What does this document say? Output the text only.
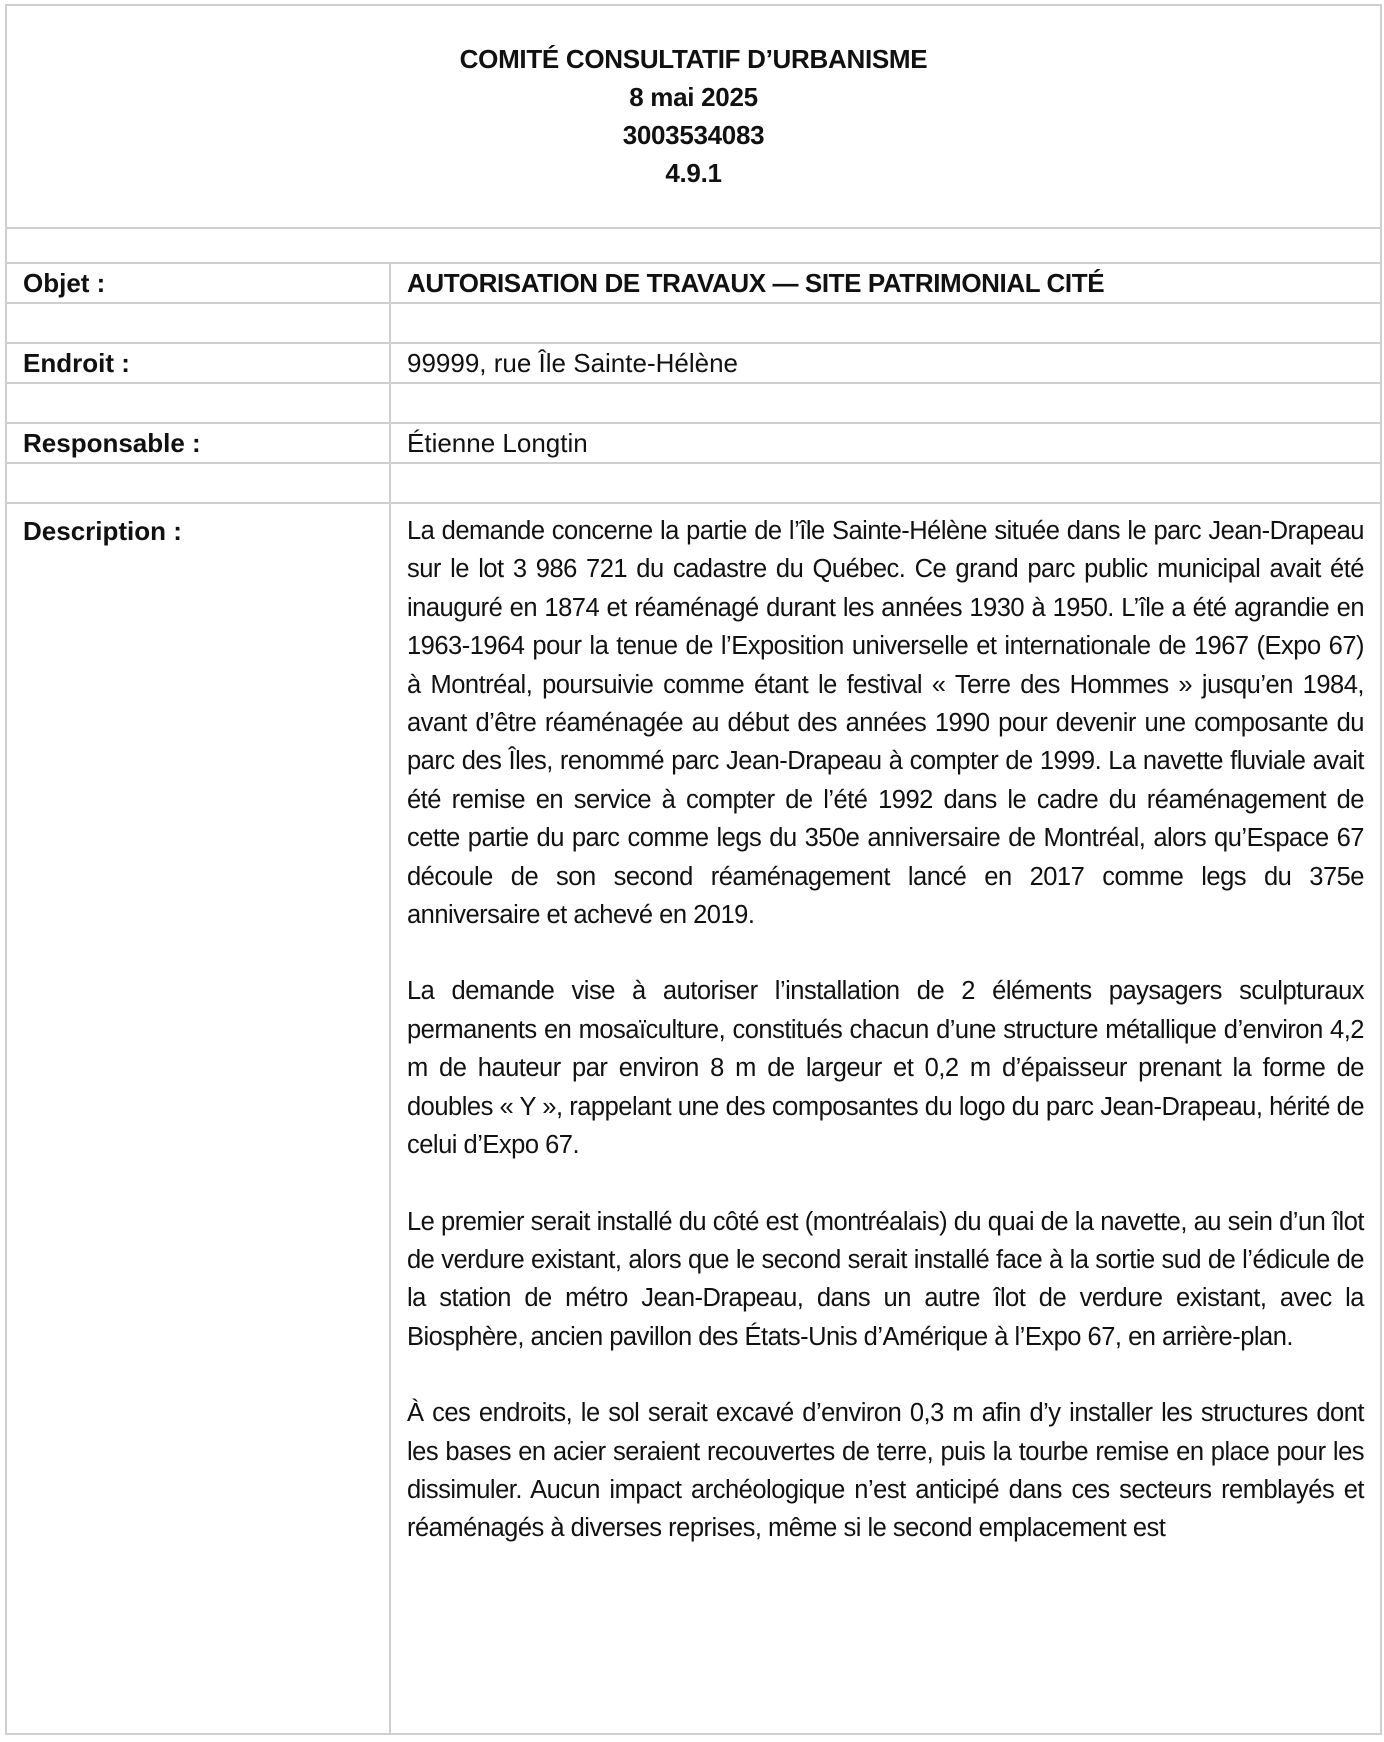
COMITÉ CONSULTATIF D’URBANISME
8 mai 2025
3003534083
4.9.1
Objet :	AUTORISATION DE TRAVAUX — SITE PATRIMONIAL CITÉ
Endroit :	99999, rue Île Sainte-Hélène
Responsable :	Étienne Longtin
Description :	La demande concerne la partie de l’île Sainte-Hélène située dans le parc Jean-Drapeau sur le lot 3 986 721 du cadastre du Québec. Ce grand parc public municipal avait été inauguré en 1874 et réaménagé durant les années 1930 à 1950. L’île a été agrandie en 1963-1964 pour la tenue de l’Exposition universelle et internationale de 1967 (Expo 67) à Montréal, poursuivie comme étant le festival « Terre des Hommes » jusqu’en 1984, avant d’être réaménagée au début des années 1990 pour devenir une composante du parc des Îles, renommé parc Jean-Drapeau à compter de 1999. La navette fluviale avait été remise en service à compter de l’été 1992 dans le cadre du réaménagement de cette partie du parc comme legs du 350e anniversaire de Montréal, alors qu’Espace 67 découle de son second réaménagement lancé en 2017 comme legs du 375e anniversaire et achevé en 2019.

La demande vise à autoriser l’installation de 2 éléments paysagers sculpturaux permanents en mosaïculture, constitués chacun d’une structure métallique d’environ 4,2 m de hauteur par environ 8 m de largeur et 0,2 m d’épaisseur prenant la forme de doubles « Y », rappelant une des composantes du logo du parc Jean-Drapeau, hérité de celui d’Expo 67.

Le premier serait installé du côté est (montréalais) du quai de la navette, au sein d’un îlot de verdure existant, alors que le second serait installé face à la sortie sud de l’édicule de la station de métro Jean-Drapeau, dans un autre îlot de verdure existant, avec la Biosphère, ancien pavillon des États-Unis d’Amérique à l’Expo 67, en arrière-plan.

À ces endroits, le sol serait excavé d’environ 0,3 m afin d’y installer les structures dont les bases en acier seraient recouvertes de terre, puis la tourbe remise en place pour les dissimuler. Aucun impact archéologique n’est anticipé dans ces secteurs remblayés et réaménagés à diverses reprises, même si le second emplacement est
